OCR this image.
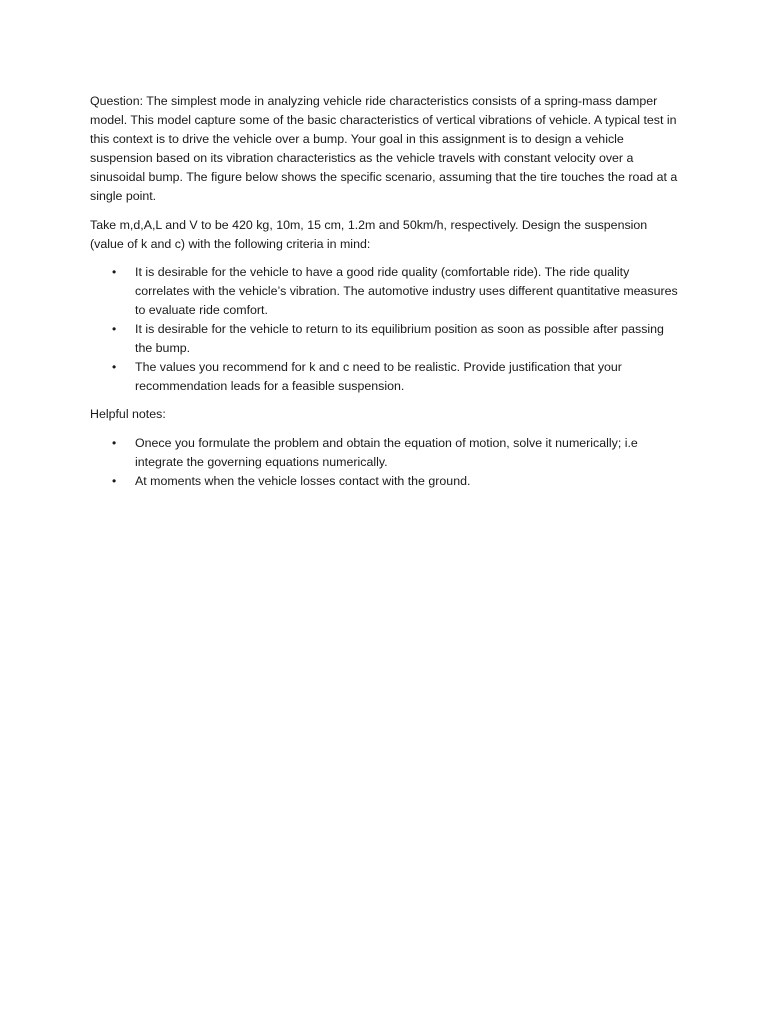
Question: The simplest mode in analyzing vehicle ride characteristics consists of a spring-mass damper model. This model capture some of the basic characteristics of vertical vibrations of vehicle. A typical test in this context is to drive the vehicle over a bump. Your goal in this assignment is to design a vehicle suspension based on its vibration characteristics as the vehicle travels with constant velocity over a sinusoidal bump. The figure below shows the specific scenario, assuming that the tire touches the road at a single point.

Take m,d,A,L and V to be 420 kg, 10m, 15 cm, 1.2m and 50km/h, respectively. Design the suspension (value of k and c) with the following criteria in mind:

• It is desirable for the vehicle to have a good ride quality (comfortable ride). The ride quality correlates with the vehicle’s vibration. The automotive industry uses different quantitative measures to evaluate ride comfort.
• It is desirable for the vehicle to return to its equilibrium position as soon as possible after passing the bump.
• The values you recommend for k and c need to be realistic. Provide justification that your recommendation leads for a feasible suspension.

Helpful notes:

• Onece you formulate the problem and obtain the equation of motion, solve it numerically; i.e integrate the governing equations numerically.
• At moments when the vehicle losses contact with the ground.
